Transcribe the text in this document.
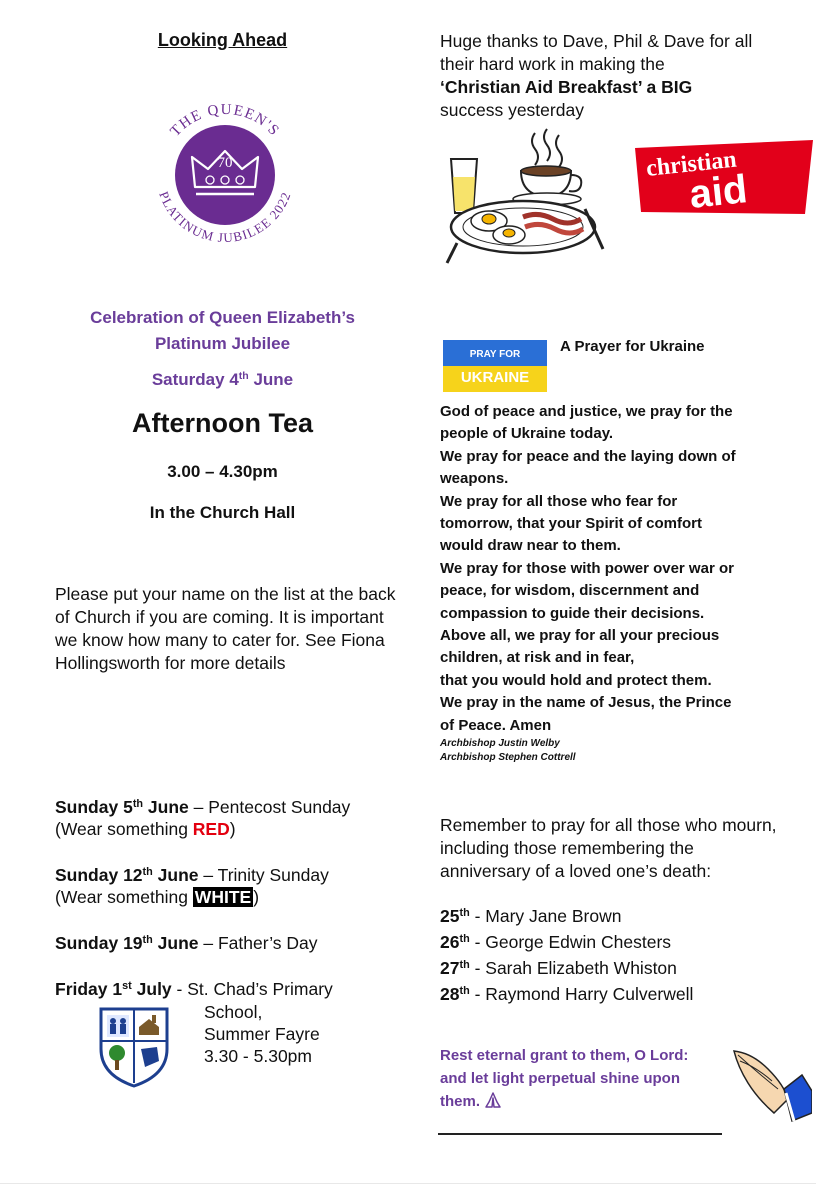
Looking Ahead
THE QUEEN'S
PLATINUM JUBILEE 2022
70
Celebration of Queen Elizabeth’s
Platinum Jubilee
Saturday 4th June
Afternoon Tea
3.00 – 4.30pm
In the Church Hall
Please put your name on the list at the back of Church if you are coming. It is important we know how many to cater for. See Fiona Hollingsworth for more details
Sunday 5th June – Pentecost Sunday
(Wear something RED)
Sunday 12th June – Trinity Sunday
(Wear something WHITE )
Sunday 19th June – Father’s Day
Friday 1st July - St. Chad’s Primary
School,
Summer Fayre
3.30 - 5.30pm
Huge thanks to Dave, Phil & Dave for all their hard work in making the
‘Christian Aid Breakfast’ a BIG
success yesterday
christian
aid
PRAY FOR
UKRAINE
A Prayer for Ukraine
God of peace and justice, we pray for the
people of Ukraine today.
We pray for peace and the laying down of
weapons.
We pray for all those who fear for
tomorrow, that your Spirit of comfort
would draw near to them.
We pray for those with power over war or
peace, for wisdom, discernment and
compassion to guide their decisions.
Above all, we pray for all your precious
children, at risk and in fear,
that you would hold and protect them.
We pray in the name of Jesus, the Prince
of Peace. Amen
Archbishop Justin Welby
Archbishop Stephen Cottrell
Remember to pray for all those who mourn, including those remembering the anniversary of a loved one’s death:
25th - Mary Jane Brown
26th - George Edwin Chesters
27th - Sarah Elizabeth Whiston
28th - Raymond Harry Culverwell
Rest eternal grant to them, O Lord:
and let light perpetual shine upon
them.
